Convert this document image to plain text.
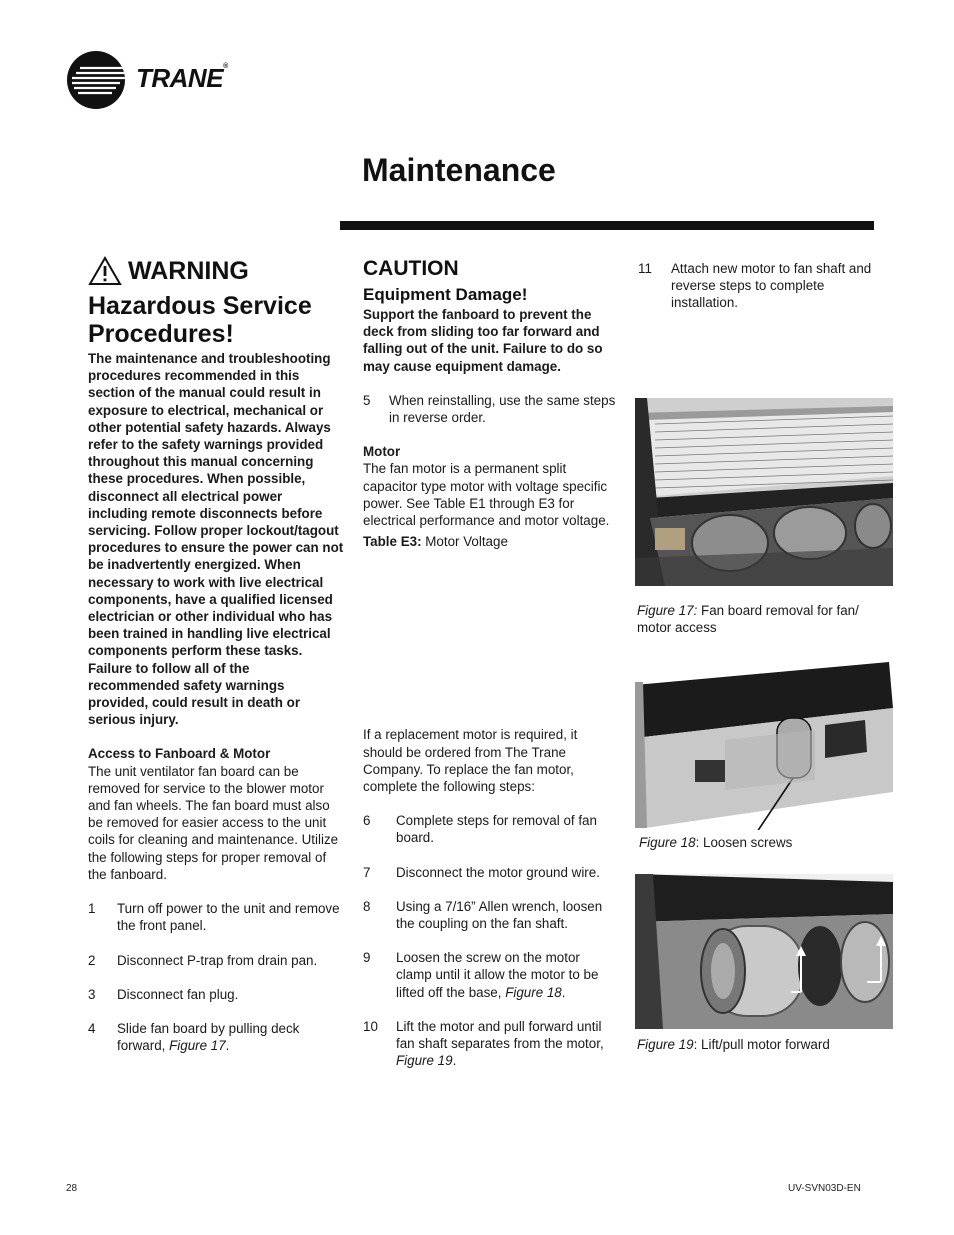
TRANE®
Maintenance
WARNING
Hazardous Service Procedures!

The maintenance and troubleshooting procedures recommended in this section of the manual could result in exposure to electrical, mechanical or other potential safety hazards. Always refer to the safety warnings provided throughout this manual concerning these procedures. When possible, disconnect all electrical power including remote disconnects before servicing. Follow proper lockout/tagout procedures to ensure the power can not be inadvertently energized. When necessary to work with live electrical components, have a qualified licensed electrician or other individual who has been trained in handling live electrical components perform these tasks. Failure to follow all of the recommended safety warnings provided, could result in death or serious injury.

Access to Fanboard & Motor

The unit ventilator fan board can be removed for service to the blower motor and fan wheels. The fan board must also be removed for easier access to the unit coils for cleaning and maintenance. Utilize the following steps for proper removal of the fanboard.

1	Turn off power to the unit and remove the front panel.
2	Disconnect P-trap from drain pan.
3	Disconnect fan plug.
4	Slide fan board by pulling deck forward, Figure 17.

CAUTION

Equipment Damage!

Support the fanboard to prevent the deck from sliding too far forward and falling out of the unit. Failure to do so may cause equipment damage.

5	When reinstalling, use the same steps in reverse order.

Motor

The fan motor is a permanent split capacitor type motor with voltage specific power. See Table E1 through E3 for electrical performance and motor voltage.

Table E3: Motor Voltage

If a replacement motor is required, it should be ordered from The Trane Company. To replace the fan motor, complete the following steps:

6	Complete steps for removal of fan board.
7	Disconnect the motor ground wire.
8	Using a 7/16” Allen wrench, loosen the coupling on the fan shaft.
9	Loosen the screw on the motor clamp until it allow the motor to be lifted off the base, Figure 18.
10	Lift the motor and pull forward until fan shaft separates from the motor, Figure 19.
11	Attach new motor to fan shaft and reverse steps to complete installation.
Figure 17: Fan board removal for fan/ motor access
Figure 18: Loosen screws
Figure 19: Lift/pull motor forward
28	UV-SVN03D-EN
